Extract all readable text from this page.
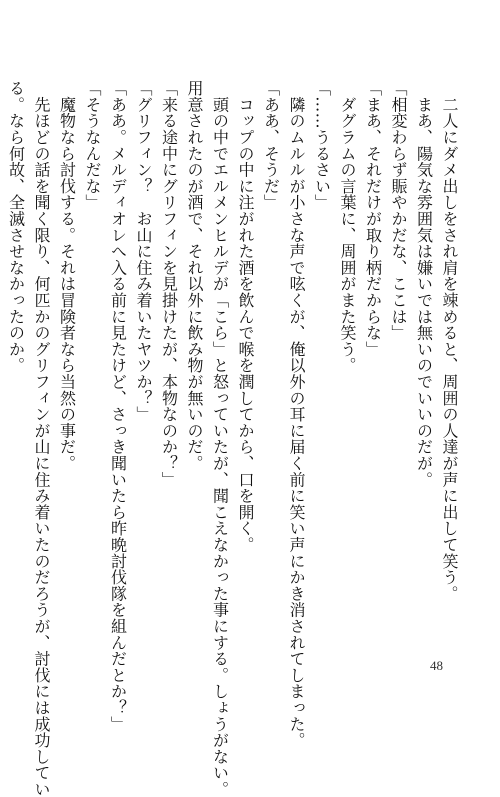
　二人にダメ出しをされ肩を竦めると、周囲の人達が声に出して笑う。
　まあ、陽気な雰囲気は嫌いでは無いのでいいのだが。
「相変わらず賑やかだな、ここは」
「まあ、それだけが取り柄だからな」
　ダグラムの言葉に、周囲がまた笑う。
「……うるさい」
　隣のムルルが小さな声で呟くが、俺以外の耳に届く前に笑い声にかき消されてしまった。
「ああ、そうだ」
　コップの中に注がれた酒を飲んで喉を潤してから、口を開く。
　頭の中でエルメンヒルデが「こら」と怒っていたが、聞こえなかった事にする。しょうがない。
用意されたのが酒で、それ以外に飲み物が無いのだ。
「来る途中にグリフィンを見掛けたが、本物なのか？」
「グリフィン？　お山に住み着いたヤツか？」
「ああ。メルディオレへ入る前に見たけど、さっき聞いたら昨晩討伐隊を組んだとか？」
「そうなんだな」
　魔物なら討伐する。それは冒険者なら当然の事だ。
　先ほどの話を聞く限り、何匹かのグリフィンが山に住み着いたのだろうが、討伐には成功してい
る。なら何故、全滅させなかったのか。
48
